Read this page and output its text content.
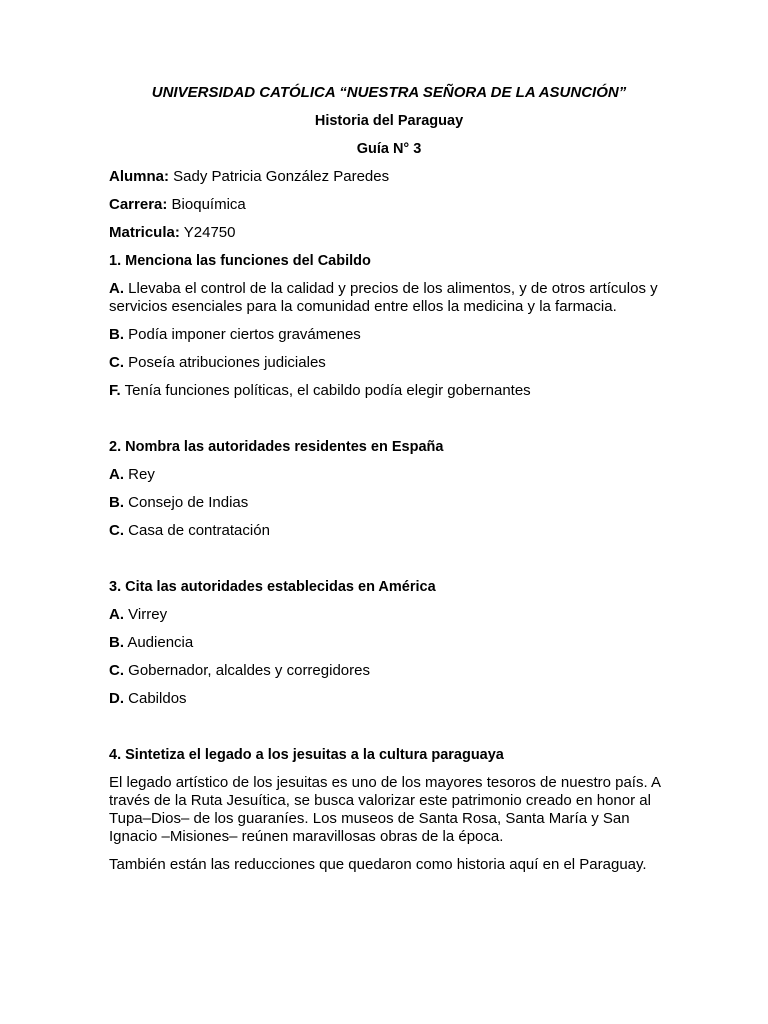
UNIVERSIDAD CATÓLICA “NUESTRA SEÑORA DE LA ASUNCIÓN”

Historia del Paraguay

Guía N° 3

Alumna: Sady Patricia González Paredes

Carrera: Bioquímica

Matricula: Y24750

1. Menciona las funciones del Cabildo

A. Llevaba el control de la calidad y precios de los alimentos, y de otros artículos y servicios esenciales para la comunidad entre ellos la medicina y la farmacia.

B. Podía imponer ciertos gravámenes

C. Poseía atribuciones judiciales

F. Tenía funciones políticas, el cabildo podía elegir gobernantes

2. Nombra las autoridades residentes en España

A. Rey

B. Consejo de Indias

C. Casa de contratación

3. Cita las autoridades establecidas en América

A. Virrey

B. Audiencia

C. Gobernador, alcaldes y corregidores

D. Cabildos

4. Sintetiza el legado a los jesuitas a la cultura paraguaya

El legado artístico de los jesuitas es uno de los mayores tesoros de nuestro país. A través de la Ruta Jesuítica, se busca valorizar este patrimonio creado en honor al Tupa–Dios– de los guaraníes. Los museos de Santa Rosa, Santa María y San Ignacio –Misiones– reúnen maravillosas obras de la época.

También están las reducciones que quedaron como historia aquí en el Paraguay.
